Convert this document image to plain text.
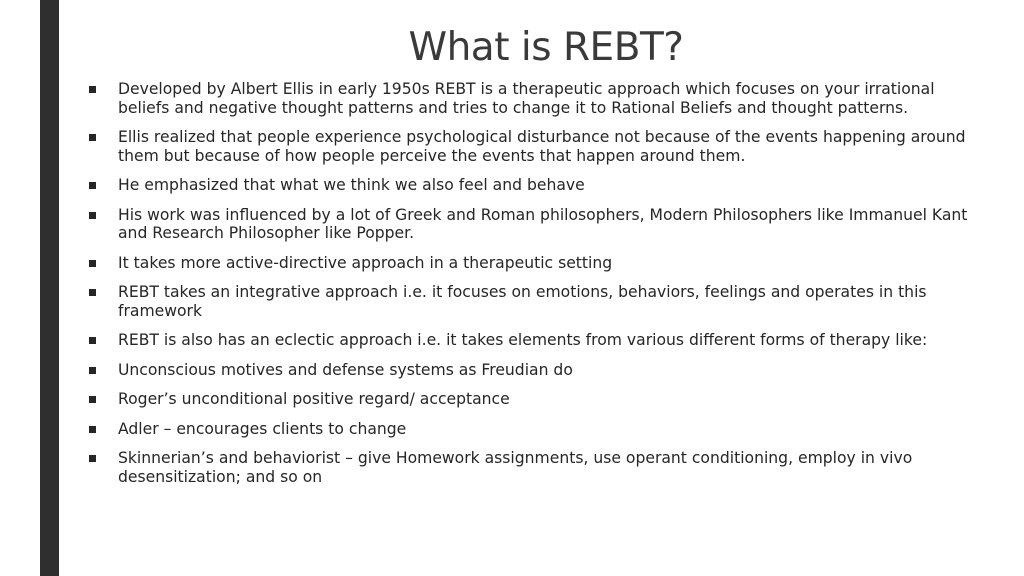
What is REBT?
Developed by Albert Ellis in early 1950s REBT is a therapeutic approach which focuses on your irrational beliefs and negative thought patterns and tries to change it to Rational Beliefs and thought patterns.
Ellis realized that people experience psychological disturbance not because of the events happening around them but because of how people perceive the events that happen around them.
He emphasized that what we think we also feel and behave
His work was influenced by a lot of Greek and Roman philosophers, Modern Philosophers like Immanuel Kant and Research Philosopher like Popper.
It takes more active-directive approach in a therapeutic setting
REBT takes an integrative approach i.e. it focuses on emotions, behaviors, feelings and operates in this framework
REBT is also has an eclectic approach i.e. it takes elements from various different forms of therapy like:
Unconscious motives and defense systems as Freudian do
Roger’s unconditional positive regard/ acceptance
Adler – encourages clients to change
Skinnerian’s and behaviorist – give Homework assignments, use operant conditioning, employ in vivo desensitization; and so on
